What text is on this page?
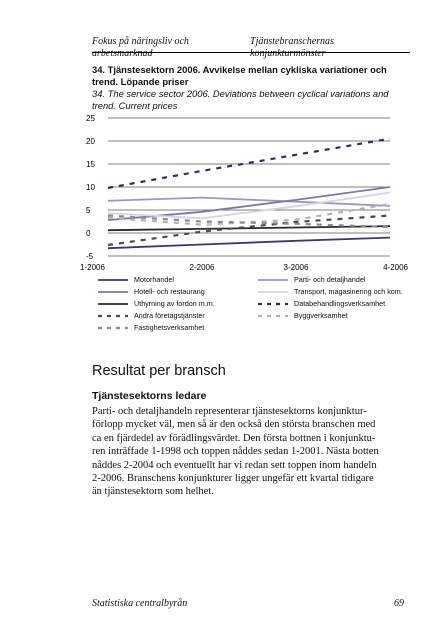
Fokus på näringsliv och arbetsmarknad
Tjänstebranschernas konjunkturmönster
34. Tjänstesektorn 2006. Avvikelse mellan cykliska variationer och
trend. Löpande priser
34. The service sector 2006. Deviations between cyclical variations and
trend. Current prices
-5
0
5
10
15
20
25
1-2006	2-2006	3-2006	4-2006
Motorhandel	Parti- och detaljhandel
Hotell- och restaurang	Transport, magasinering och kom.
Uthyrning av fordon m.m.	Databehandlingsverksamhet
Andra företagstjänster	Byggverksamhet
Fastighetsverksamhet
Resultat per bransch
Tjänstesektorns ledare
Parti- och detaljhandeln representerar tjänstesektorns konjunktur-
förlopp mycket väl, men så är den också den största branschen med
ca en fjärdedel av förädlingsvärdet. Den första bottnen i konjunktu-
ren inträffade 1-1998 och toppen nåddes sedan 1-2001. Nästa botten
nåddes 2-2004 och eventuellt har vi redan sett toppen inom handeln
2-2006. Branschens konjunkturer ligger ungefär ett kvartal tidigare
än tjänstesektorn som helhet.
Statistiska centralbyrån	69
